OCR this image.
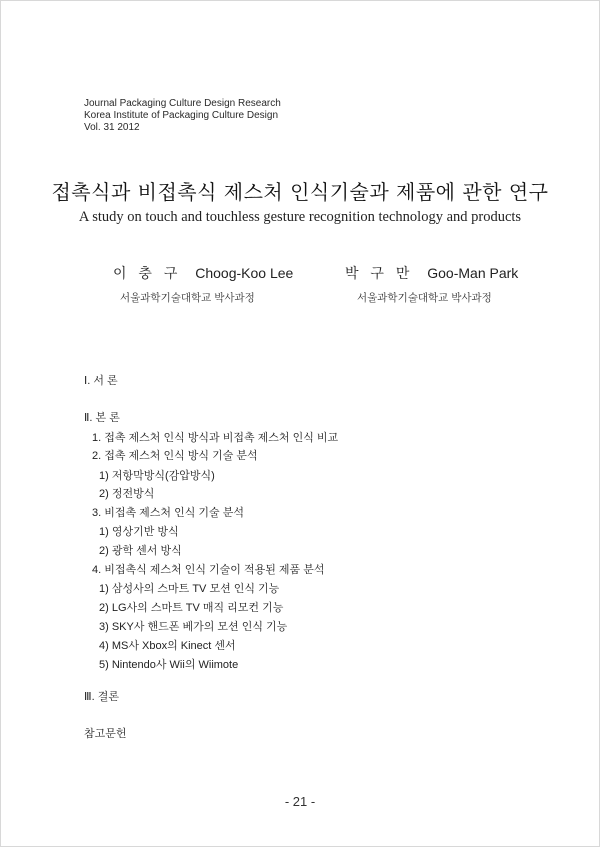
Journal Packaging Culture Design Research
Korea Institute of Packaging Culture Design
Vol. 31 2012
접촉식과 비접촉식 제스처 인식기술과 제품에 관한 연구
A study on touch and touchless gesture recognition technology and products
이 충 구 Choog-Koo Lee
서울과학기술대학교 박사과정
박 구 만 Goo-Man Park
서울과학기술대학교 박사과정
Ⅰ. 서 론
Ⅱ. 본 론
1. 접촉 제스처 인식 방식과 비접촉 제스처 인식 비교
2. 접촉 제스처 인식 방식 기술 분석
1) 저항막방식(감압방식)
2) 정전방식
3. 비접촉 제스처 인식 기술 분석
1) 영상기반 방식
2) 광학 센서 방식
4. 비접촉식 제스처 인식 기술이 적용된 제품 분석
1) 삼성사의 스마트 TV 모션 인식 기능
2) LG사의 스마트 TV 매직 리모컨 기능
3) SKY사 핸드폰 베가의 모션 인식 기능
4) MS사 Xbox의 Kinect 센서
5) Nintendo사 Wii의 Wiimote
Ⅲ. 결론
참고문헌
- 21 -
